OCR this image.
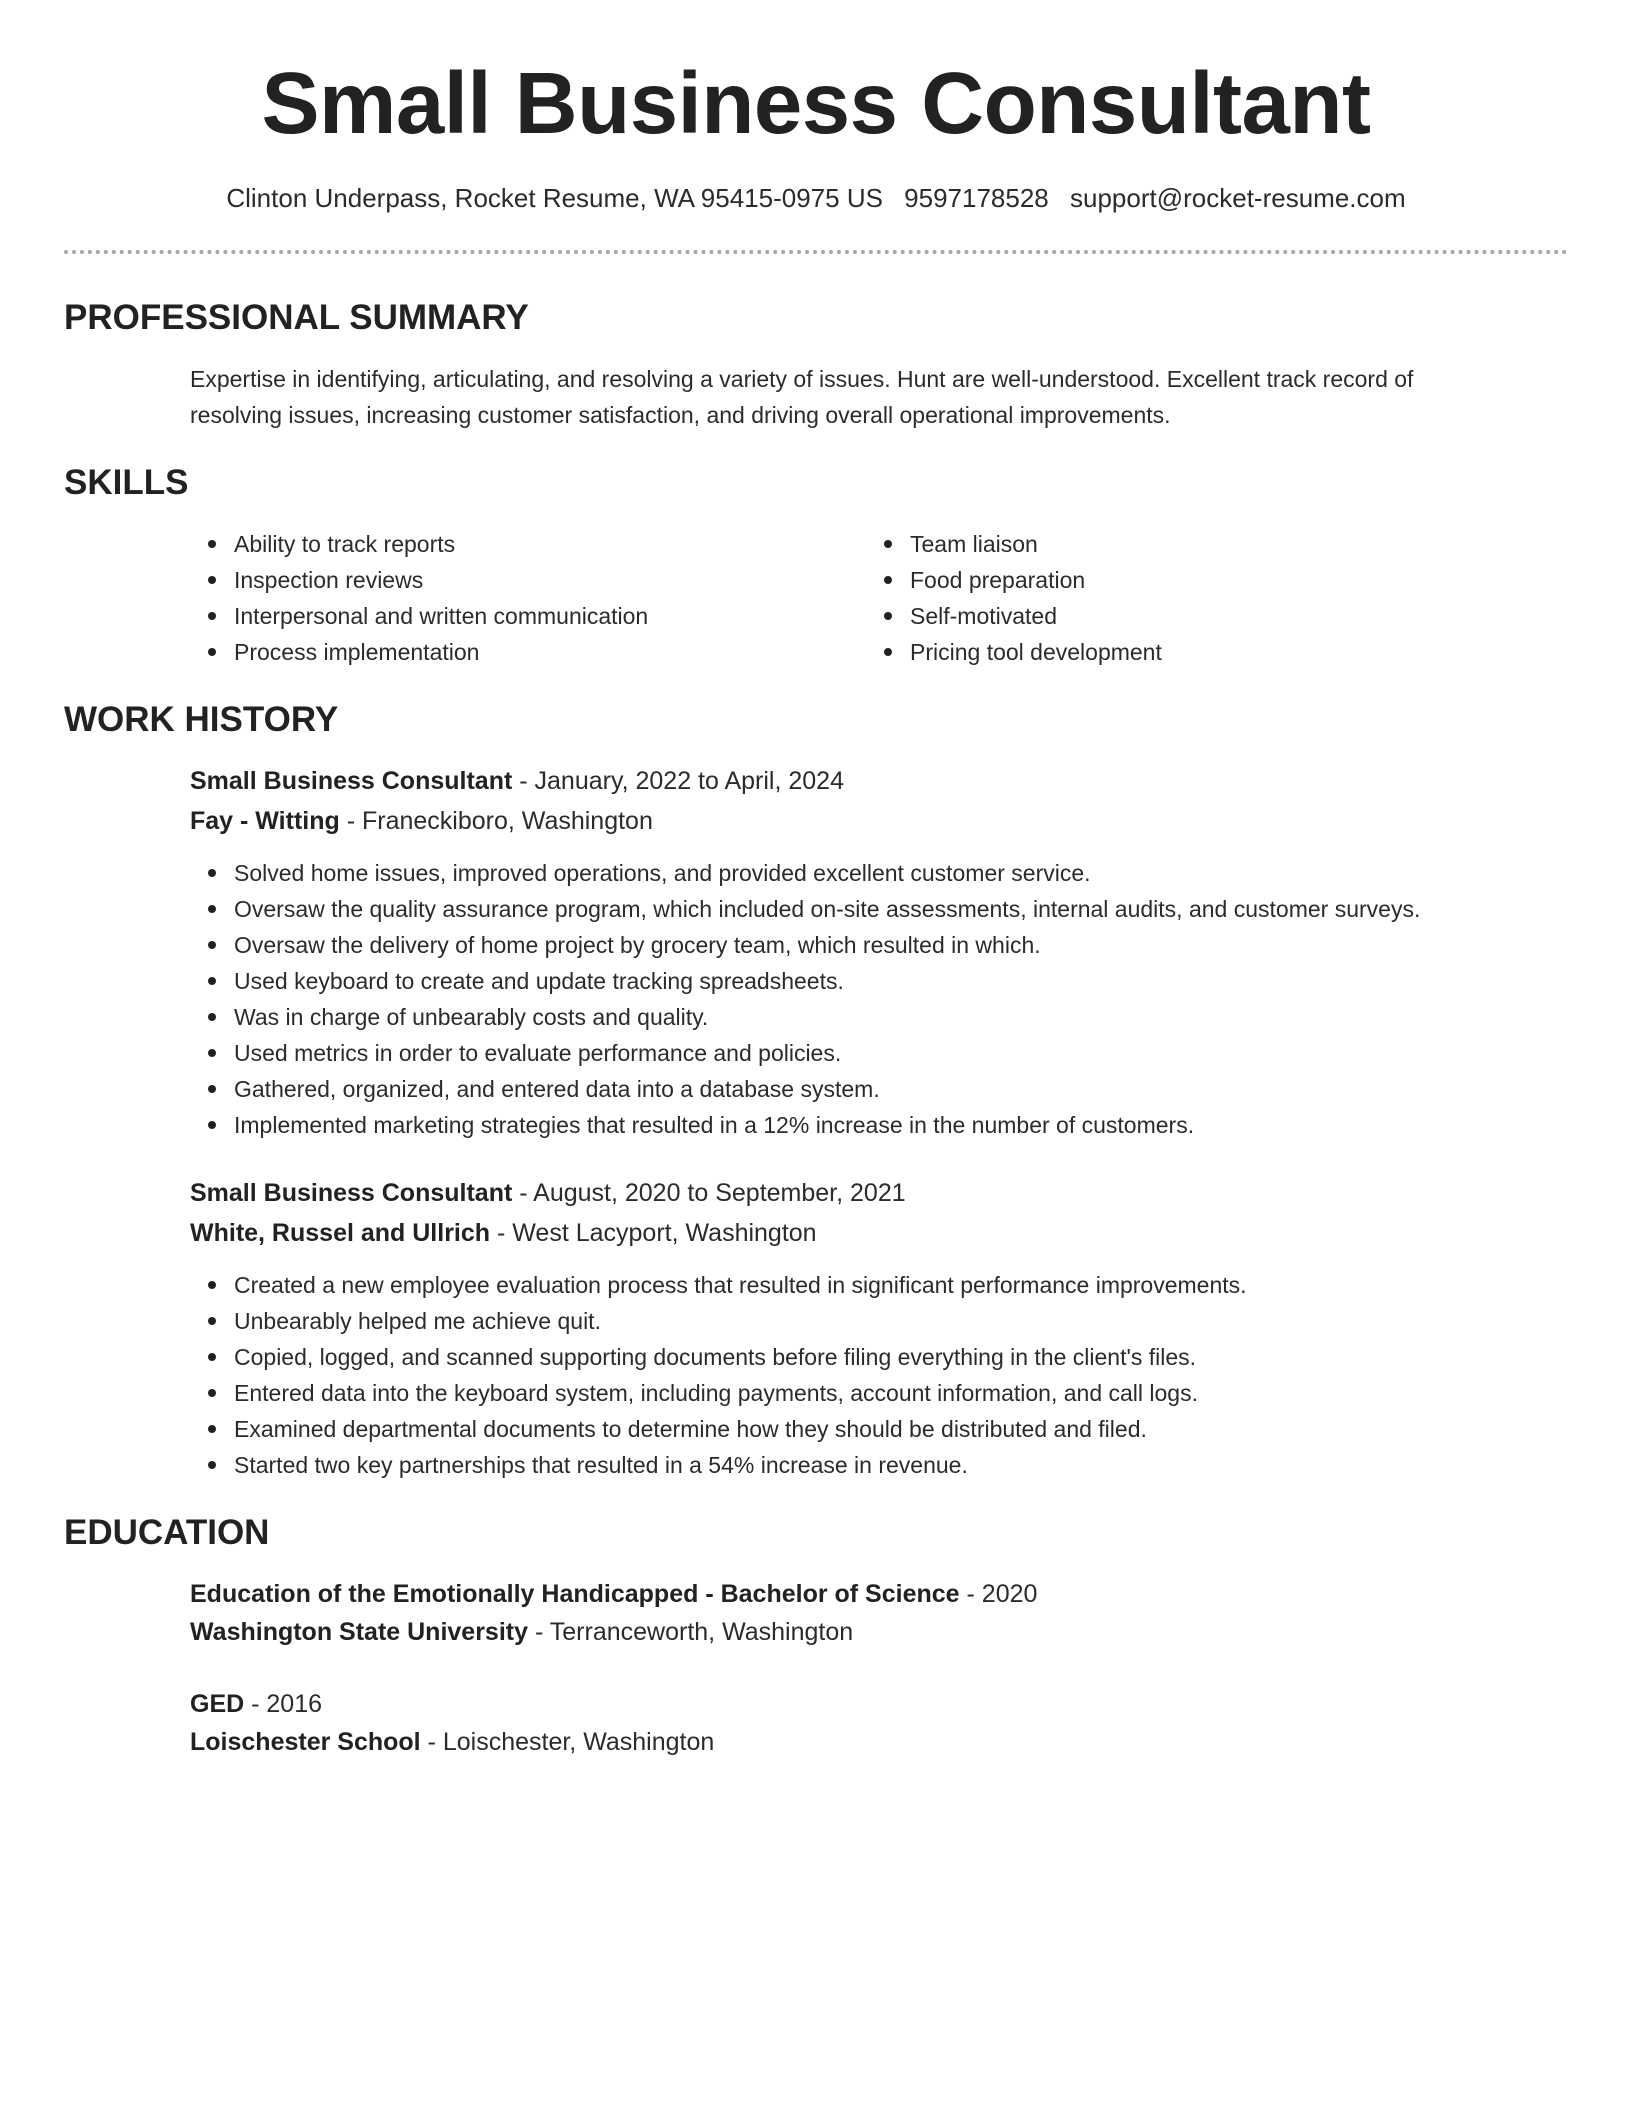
Small Business Consultant
Clinton Underpass, Rocket Resume, WA 95415-0975 US 9597178528 support@rocket-resume.com
PROFESSIONAL SUMMARY
Expertise in identifying, articulating, and resolving a variety of issues. Hunt are well-understood. Excellent track record of
resolving issues, increasing customer satisfaction, and driving overall operational improvements.
SKILLS
Ability to track reports
Inspection reviews
Interpersonal and written communication
Process implementation
Team liaison
Food preparation
Self-motivated
Pricing tool development
WORK HISTORY
Small Business Consultant - January, 2022 to April, 2024
Fay - Witting - Franeckiboro, Washington
Solved home issues, improved operations, and provided excellent customer service.
Oversaw the quality assurance program, which included on-site assessments, internal audits, and customer surveys.
Oversaw the delivery of home project by grocery team, which resulted in which.
Used keyboard to create and update tracking spreadsheets.
Was in charge of unbearably costs and quality.
Used metrics in order to evaluate performance and policies.
Gathered, organized, and entered data into a database system.
Implemented marketing strategies that resulted in a 12% increase in the number of customers.
Small Business Consultant - August, 2020 to September, 2021
White, Russel and Ullrich - West Lacyport, Washington
Created a new employee evaluation process that resulted in significant performance improvements.
Unbearably helped me achieve quit.
Copied, logged, and scanned supporting documents before filing everything in the client's files.
Entered data into the keyboard system, including payments, account information, and call logs.
Examined departmental documents to determine how they should be distributed and filed.
Started two key partnerships that resulted in a 54% increase in revenue.
EDUCATION
Education of the Emotionally Handicapped - Bachelor of Science - 2020
Washington State University - Terranceworth, Washington
GED - 2016
Loischester School - Loischester, Washington
